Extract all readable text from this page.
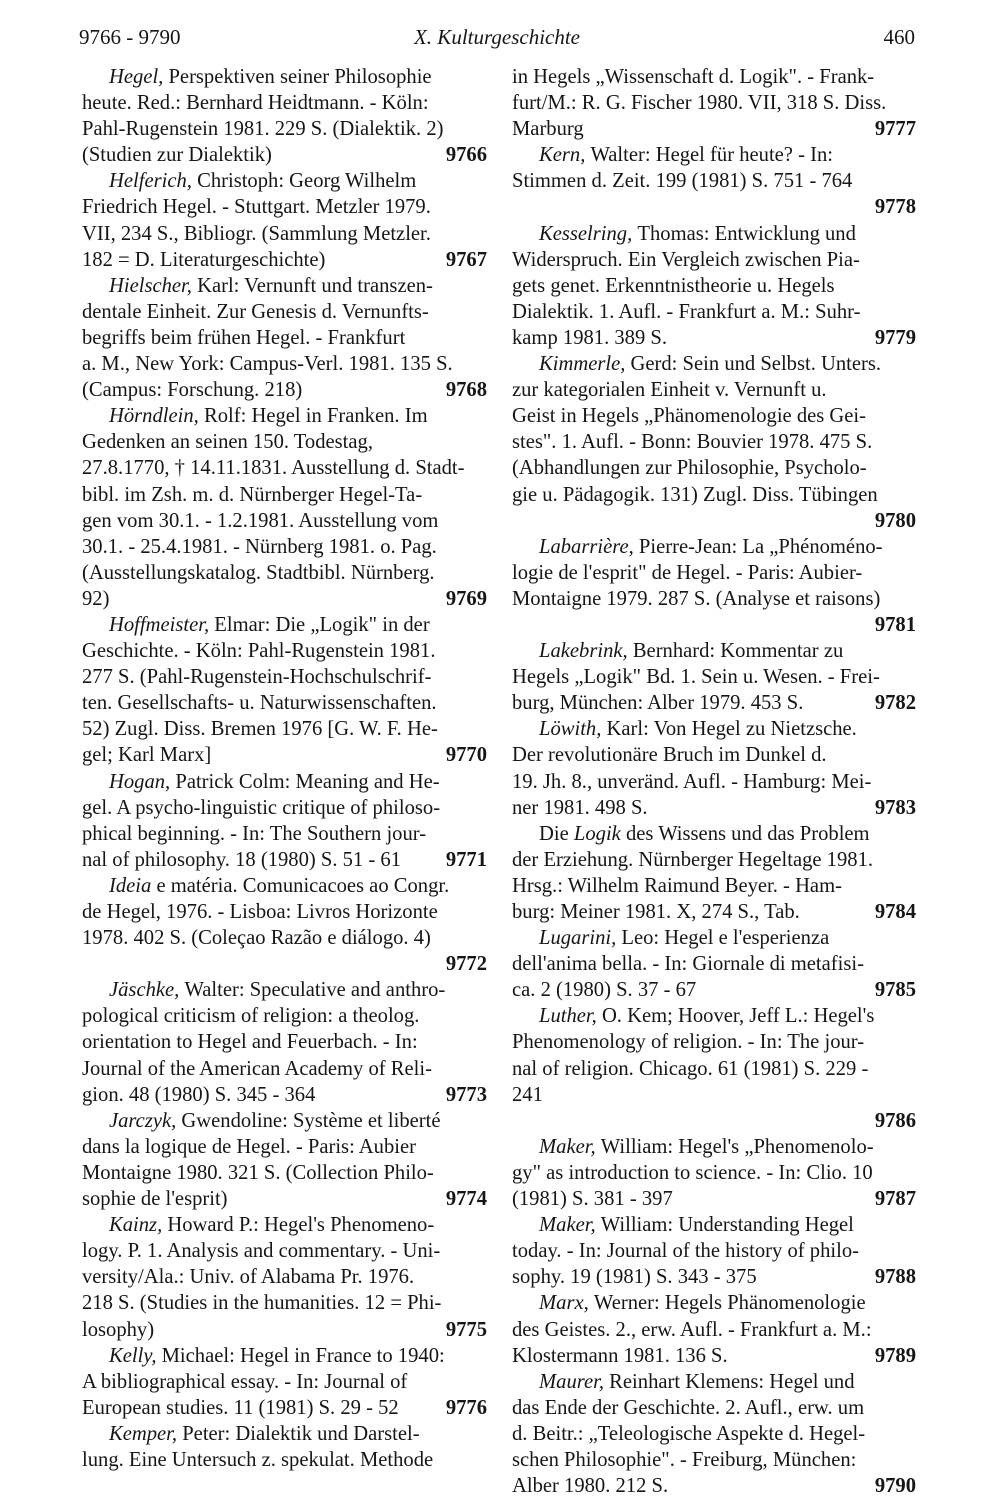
9766 - 9790	X. Kulturgeschichte	460
Hegel, Perspektiven seiner Philosophie
heute. Red.: Bernhard Heidtmann. - Köln:
Pahl-Rugenstein 1981. 229 S. (Dialektik. 2)
(Studien zur Dialektik)	9766
Helferich, Christoph: Georg Wilhelm
Friedrich Hegel. - Stuttgart. Metzler 1979.
VII, 234 S., Bibliogr. (Sammlung Metzler.
182 = D. Literaturgeschichte)	9767
Hielscher, Karl: Vernunft und transzen-
dentale Einheit. Zur Genesis d. Vernunfts-
begriffs beim frühen Hegel. - Frankfurt
a. M., New York: Campus-Verl. 1981. 135 S.
(Campus: Forschung. 218)	9768
Hörndlein, Rolf: Hegel in Franken. Im
Gedenken an seinen 150. Todestag,
27.8.1770, † 14.11.1831. Ausstellung d. Stadt-
bibl. im Zsh. m. d. Nürnberger Hegel-Ta-
gen vom 30.1. - 1.2.1981. Ausstellung vom
30.1. - 25.4.1981. - Nürnberg 1981. o. Pag.
(Ausstellungskatalog. Stadtbibl. Nürnberg.
92)	9769
Hoffmeister, Elmar: Die „Logik" in der
Geschichte. - Köln: Pahl-Rugenstein 1981.
277 S. (Pahl-Rugenstein-Hochschulschrif-
ten. Gesellschafts- u. Naturwissenschaften.
52) Zugl. Diss. Bremen 1976 [G. W. F. He-
gel; Karl Marx]	9770
Hogan, Patrick Colm: Meaning and He-
gel. A psycho-linguistic critique of philoso-
phical beginning. - In: The Southern jour-
nal of philosophy. 18 (1980) S. 51 - 61 9771
Ideia e matéria. Comunicacoes ao Congr.
de Hegel, 1976. - Lisboa: Livros Horizonte
1978. 402 S. (Coleçao Razão e diálogo. 4)
9772
Jäschke, Walter: Speculative and anthro-
pological criticism of religion: a theolog.
orientation to Hegel and Feuerbach. - In:
Journal of the American Academy of Reli-
gion. 48 (1980) S. 345 - 364	9773
Jarczyk, Gwendoline: Système et liberté
dans la logique de Hegel. - Paris: Aubier
Montaigne 1980. 321 S. (Collection Philo-
sophie de l'esprit)	9774
Kainz, Howard P.: Hegel's Phenomeno-
logy. P. 1. Analysis and commentary. - Uni-
versity/Ala.: Univ. of Alabama Pr. 1976.
218 S. (Studies in the humanities. 12 = Phi-
losophy)	9775
Kelly, Michael: Hegel in France to 1940:
A bibliographical essay. - In: Journal of
European studies. 11 (1981) S. 29 - 52 9776
Kemper, Peter: Dialektik und Darstel-
lung. Eine Untersuch z. spekulat. Methode
in Hegels „Wissenschaft d. Logik". - Frank-
furt/M.: R. G. Fischer 1980. VII, 318 S. Diss.
Marburg	9777
Kern, Walter: Hegel für heute? - In:
Stimmen d. Zeit. 199 (1981) S. 751 - 764
9778
Kesselring, Thomas: Entwicklung und
Widerspruch. Ein Vergleich zwischen Pia-
gets genet. Erkenntnistheorie u. Hegels
Dialektik. 1. Aufl. - Frankfurt a. M.: Suhr-
kamp 1981. 389 S.	9779
Kimmerle, Gerd: Sein und Selbst. Unters.
zur kategorialen Einheit v. Vernunft u.
Geist in Hegels „Phänomenologie des Gei-
stes". 1. Aufl. - Bonn: Bouvier 1978. 475 S.
(Abhandlungen zur Philosophie, Psycholo-
gie u. Pädagogik. 131) Zugl. Diss. Tübingen
9780
Labarrière, Pierre-Jean: La „Phénoméno-
logie de l'esprit" de Hegel. - Paris: Aubier-
Montaigne 1979. 287 S. (Analyse et raisons)
9781
Lakebrink, Bernhard: Kommentar zu
Hegels „Logik" Bd. 1. Sein u. Wesen. - Frei-
burg, München: Alber 1979. 453 S.	9782
Löwith, Karl: Von Hegel zu Nietzsche.
Der revolutionäre Bruch im Dunkel d.
19. Jh. 8., unveränd. Aufl. - Hamburg: Mei-
ner 1981. 498 S.	9783
Die Logik des Wissens und das Problem
der Erziehung. Nürnberger Hegeltage 1981.
Hrsg.: Wilhelm Raimund Beyer. - Ham-
burg: Meiner 1981. X, 274 S., Tab.	9784
Lugarini, Leo: Hegel e l'esperienza
dell'anima bella. - In: Giornale di metafisi-
ca. 2 (1980) S. 37 - 67	9785
Luther, O. Kem; Hoover, Jeff L.: Hegel's
Phenomenology of religion. - In: The jour-
nal of religion. Chicago. 61 (1981) S. 229 -
241
9786
Maker, William: Hegel's „Phenomenolo-
gy" as introduction to science. - In: Clio. 10
(1981) S. 381 - 397	9787
Maker, William: Understanding Hegel
today. - In: Journal of the history of philo-
sophy. 19 (1981) S. 343 - 375	9788
Marx, Werner: Hegels Phänomenologie
des Geistes. 2., erw. Aufl. - Frankfurt a. M.:
Klostermann 1981. 136 S.	9789
Maurer, Reinhart Klemens: Hegel und
das Ende der Geschichte. 2. Aufl., erw. um
d. Beitr.: „Teleologische Aspekte d. Hegel-
schen Philosophie". - Freiburg, München:
Alber 1980. 212 S.	9790
